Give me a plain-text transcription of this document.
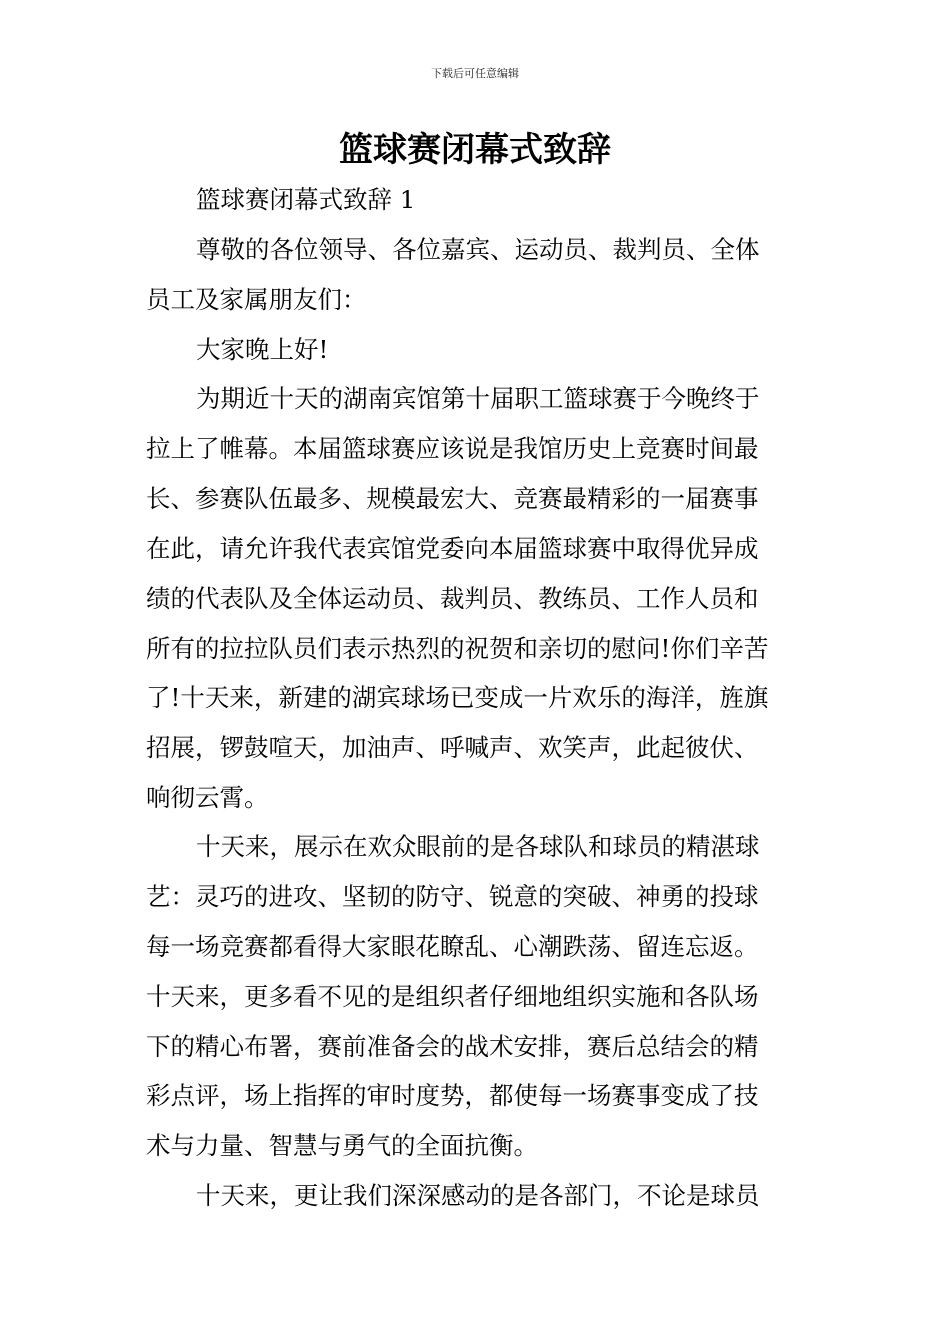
下载后可任意编辑
篮球赛闭幕式致辞
篮球赛闭幕式致辞 1
尊敬的各位领导、各位嘉宾、运动员、裁判员、全体
员工及家属朋友们：
大家晚上好!
为期近十天的湖南宾馆第十届职工篮球赛于今晚终于
拉上了帷幕。本届篮球赛应该说是我馆历史上竞赛时间最
长、参赛队伍最多、规模最宏大、竞赛最精彩的一届赛事
在此，请允许我代表宾馆党委向本届篮球赛中取得优异成
绩的代表队及全体运动员、裁判员、教练员、工作人员和
所有的拉拉队员们表示热烈的祝贺和亲切的慰问!你们辛苦
了!十天来，新建的湖宾球场已变成一片欢乐的海洋，旌旗
招展，锣鼓喧天，加油声、呼喊声、欢笑声，此起彼伏、
响彻云霄。
十天来，展示在欢众眼前的是各球队和球员的精湛球
艺：灵巧的进攻、坚韧的防守、锐意的突破、神勇的投球
每一场竞赛都看得大家眼花瞭乱、心潮跌荡、留连忘返。
十天来，更多看不见的是组织者仔细地组织实施和各队场
下的精心布署，赛前准备会的战术安排，赛后总结会的精
彩点评，场上指挥的审时度势，都使每一场赛事变成了技
术与力量、智慧与勇气的全面抗衡。
十天来，更让我们深深感动的是各部门，不论是球员
